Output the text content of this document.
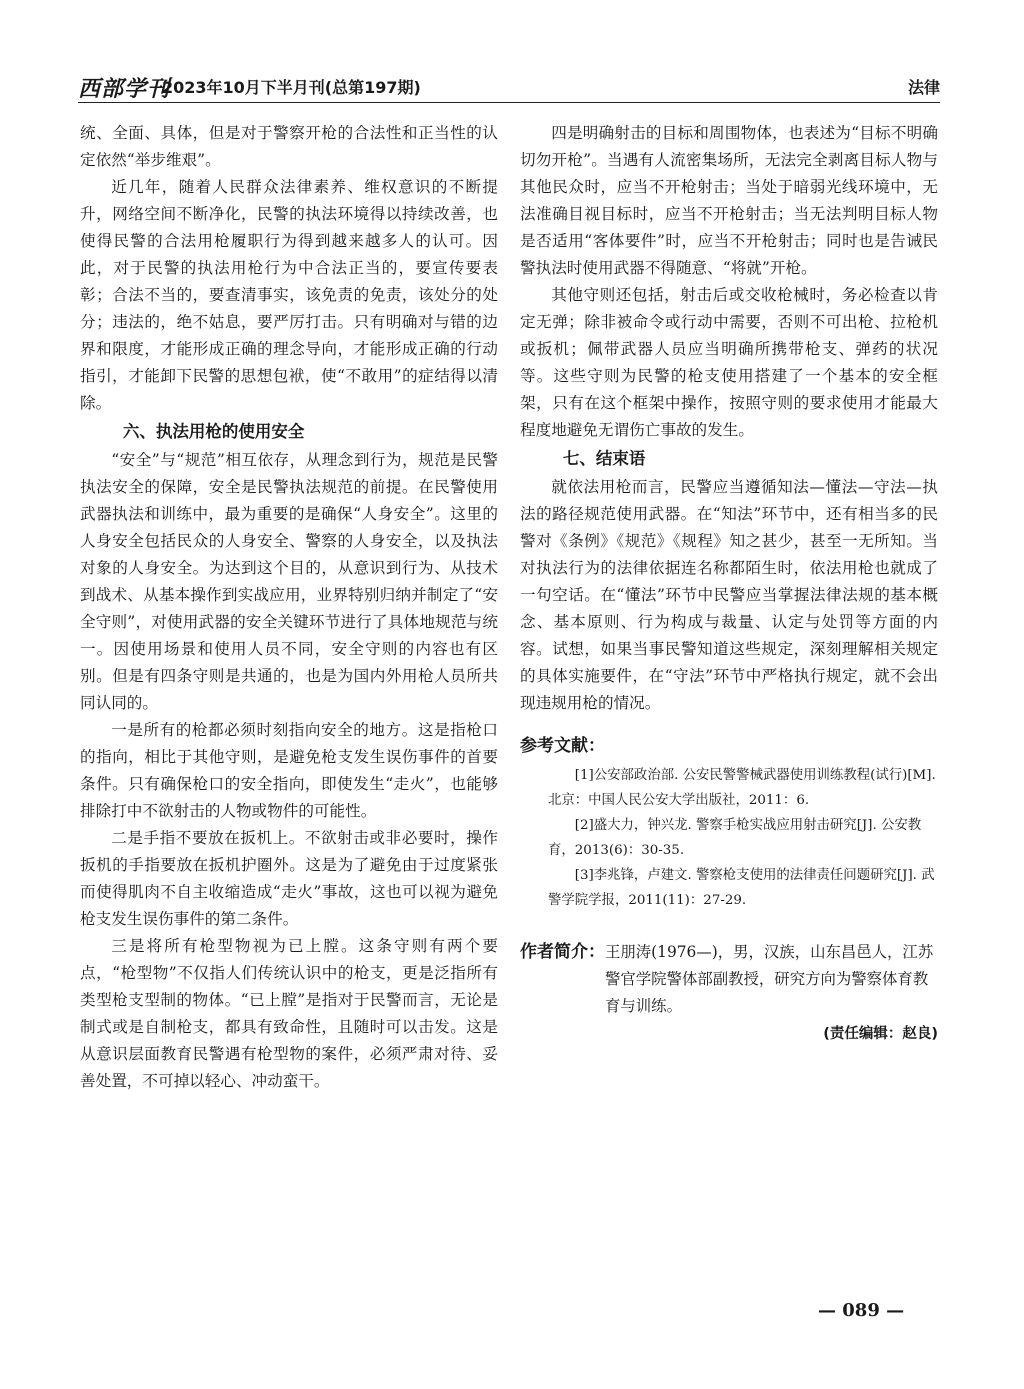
西部学刊
2023年10月下半月刊(总第197期)	法律

统、全面、具体，但是对于警察开枪的合法性和正当性的认定依然“举步维艰”。

近几年，随着人民群众法律素养、维权意识的不断提升，网络空间不断净化，民警的执法环境得以持续改善，也使得民警的合法用枪履职行为得到越来越多人的认可。因此，对于民警的执法用枪行为中合法正当的，要宣传要表彰；合法不当的，要查清事实，该免责的免责，该处分的处分；违法的，绝不姑息，要严厉打击。只有明确对与错的边界和限度，才能形成正确的理念导向，才能形成正确的行动指引，才能卸下民警的思想包袱，使“不敢用”的症结得以清除。

六、执法用枪的使用安全

“安全”与“规范”相互依存，从理念到行为，规范是民警执法安全的保障，安全是民警执法规范的前提。在民警使用武器执法和训练中，最为重要的是确保“人身安全”。这里的人身安全包括民众的人身安全、警察的人身安全，以及执法对象的人身安全。为达到这个目的，从意识到行为、从技术到战术、从基本操作到实战应用，业界特别归纳并制定了“安全守则”，对使用武器的安全关键环节进行了具体地规范与统一。因使用场景和使用人员不同，安全守则的内容也有区别。但是有四条守则是共通的，也是为国内外用枪人员所共同认同的。

一是所有的枪都必须时刻指向安全的地方。这是指枪口的指向，相比于其他守则，是避免枪支发生误伤事件的首要条件。只有确保枪口的安全指向，即使发生“走火”，也能够排除打中不欲射击的人物或物件的可能性。

二是手指不要放在扳机上。不欲射击或非必要时，操作扳机的手指要放在扳机护圈外。这是为了避免由于过度紧张而使得肌肉不自主收缩造成“走火”事故，这也可以视为避免枪支发生误伤事件的第二条件。

三是将所有枪型物视为已上膛。这条守则有两个要点，“枪型物”不仅指人们传统认识中的枪支，更是泛指所有类型枪支型制的物体。“已上膛”是指对于民警而言，无论是制式或是自制枪支，都具有致命性，且随时可以击发。这是从意识层面教育民警遇有枪型物的案件，必须严肃对待、妥善处置，不可掉以轻心、冲动蛮干。

四是明确射击的目标和周围物体，也表述为“目标不明确切勿开枪”。当遇有人流密集场所，无法完全剥离目标人物与其他民众时，应当不开枪射击；当处于暗弱光线环境中，无法准确目视目标时，应当不开枪射击；当无法判明目标人物是否适用“客体要件”时，应当不开枪射击；同时也是告诫民警执法时使用武器不得随意、“将就”开枪。

其他守则还包括，射击后或交收枪械时，务必检查以肯定无弹；除非被命令或行动中需要，否则不可出枪、拉枪机或扳机；佩带武器人员应当明确所携带枪支、弹药的状况等。这些守则为民警的枪支使用搭建了一个基本的安全框架，只有在这个框架中操作，按照守则的要求使用才能最大程度地避免无谓伤亡事故的发生。

七、结束语

就依法用枪而言，民警应当遵循知法—懂法—守法—执法的路径规范使用武器。在“知法”环节中，还有相当多的民警对《条例》《规范》《规程》知之甚少，甚至一无所知。当对执法行为的法律依据连名称都陌生时，依法用枪也就成了一句空话。在“懂法”环节中民警应当掌握法律法规的基本概念、基本原则、行为构成与裁量、认定与处罚等方面的内容。试想，如果当事民警知道这些规定，深刻理解相关规定的具体实施要件，在“守法”环节中严格执行规定，就不会出现违规用枪的情况。

参考文献：

[1]公安部政治部. 公安民警警械武器使用训练教程(试行)[M]. 北京：中国人民公安大学出版社，2011：6.

[2]盛大力，钟兴龙. 警察手枪实战应用射击研究[J]. 公安教育，2013(6)：30-35.

[3]李兆锋，卢建文. 警察枪支使用的法律责任问题研究[J]. 武警学院学报，2011(11)：27-29.

作者简介： 王朋涛(1976—)，男，汉族，山东昌邑人，江苏警官学院警体部副教授，研究方向为警察体育教育与训练。
(责任编辑：赵良)
— 089 —
